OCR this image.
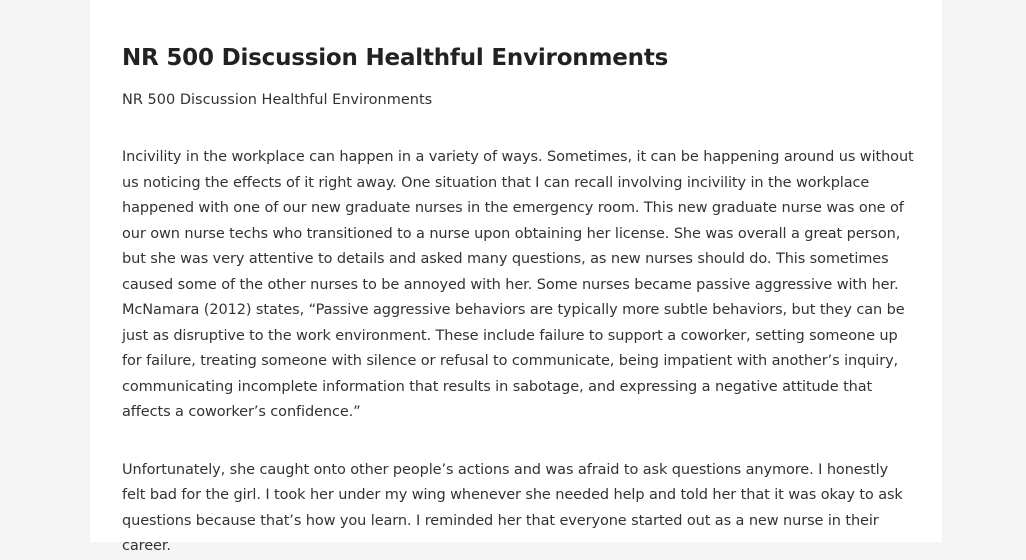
NR 500 Discussion Healthful Environments

NR 500 Discussion Healthful Environments

Incivility in the workplace can happen in a variety of ways. Sometimes, it can be happening around us without us noticing the effects of it right away. One situation that I can recall involving incivility in the workplace happened with one of our new graduate nurses in the emergency room. This new graduate nurse was one of our own nurse techs who transitioned to a nurse upon obtaining her license. She was overall a great person, but she was very attentive to details and asked many questions, as new nurses should do. This sometimes caused some of the other nurses to be annoyed with her. Some nurses became passive aggressive with her. McNamara (2012) states, “Passive aggressive behaviors are typically more subtle behaviors, but they can be just as disruptive to the work environment. These include failure to support a coworker, setting someone up for failure, treating someone with silence or refusal to communicate, being impatient with another’s inquiry, communicating incomplete information that results in sabotage, and expressing a negative attitude that affects a coworker’s confidence.”

Unfortunately, she caught onto other people’s actions and was afraid to ask questions anymore. I honestly felt bad for the girl. I took her under my wing whenever she needed help and told her that it was okay to ask questions because that’s how you learn. I reminded her that everyone started out as a new nurse in their career.
